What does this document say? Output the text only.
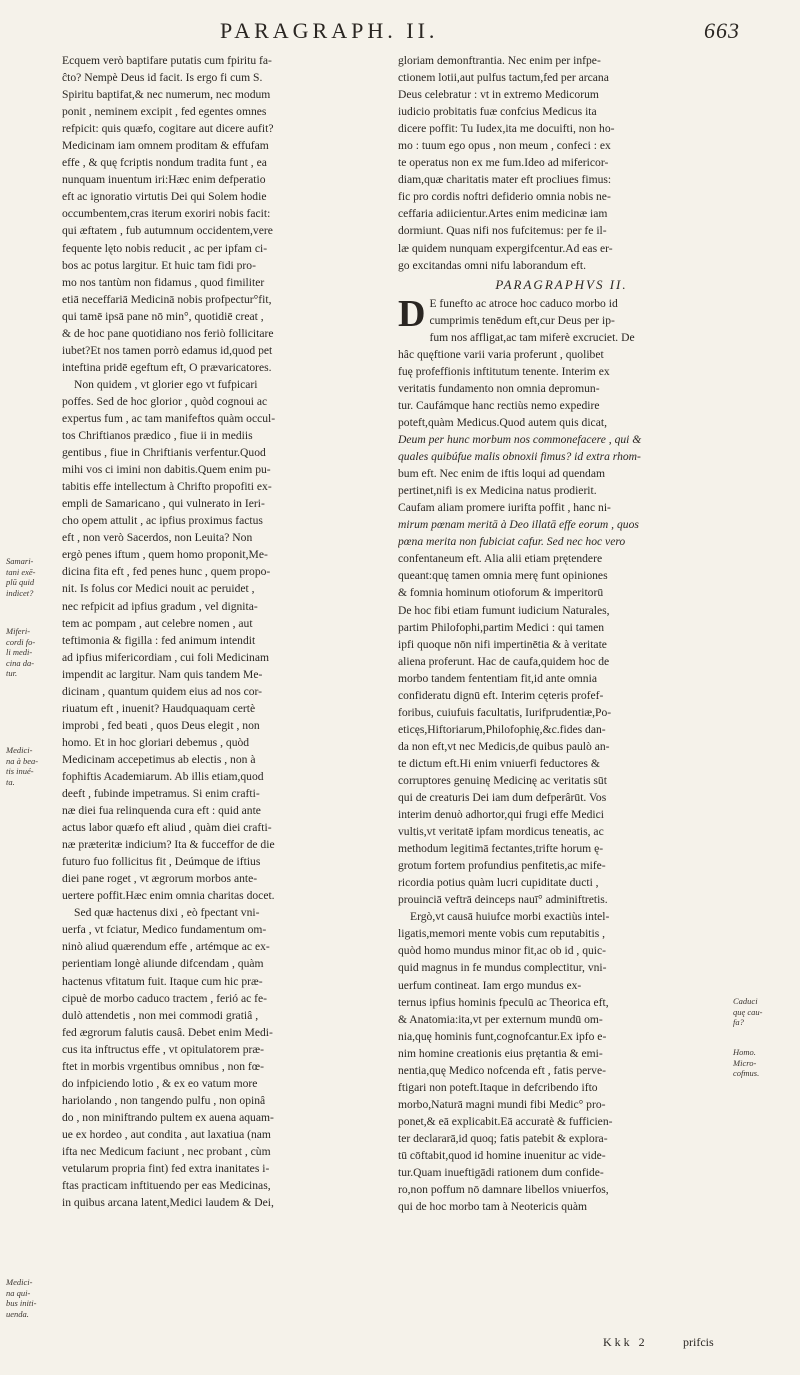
PARAGRAPH. II.	663
Ecquem verò baptifare putatis cum fpiritu fa-
ĉto? Nempè Deus id facit. Is ergo fi cum S.
Spiritu baptifat,& nec numerum, nec modum
ponit , neminem excipit , fed egentes omnes
refpicit: quis quæfo, cogitare aut dicere aufit?
Medicinam iam omnem proditam & effufam
effe , & quę fcriptis nondum tradita funt , ea
nunquam inuentum iri:Hæc enim defperatio
eft ac ignoratio virtutis Dei qui Solem hodie
occumbentem,cras iterum exoriri nobis facit:
qui æftatem , fub autumnum occidentem,vere
fequente lęto nobis reducit , ac per ipfam ci-
bos ac potus largitur. Et huic tam fidi pro-
mo nos tantùm non fidamus , quod fimiliter
etiā neceffariā Medicinā nobis profpectur°fit,
qui tamē ipsā pane nō min°, quotidiē creat ,
& de hoc pane quotidiano nos feriò follicitare
iubet?Et nos tamen porrò edamus id,quod pet
inteftina pridē egeftum eft, O prævaricatores.
Non quidem , vt glorier ego vt fufpicari
poffes. Sed de hoc glorior , quòd cognoui ac
expertus fum , ac tam manifeftos quàm occul-
tos Chriftianos prædico , fiue ii in mediis
gentibus , fiue in Chriftianis verfentur.Quod
mihi vos ci imini non dabitis.Quem enim pu-
tabitis effe intellectum à Chrifto propofiti ex-
empli de Samaricano , qui vulnerato in Ieri-
cho opem attulit , ac ipfius proximus factus
eft , non verò Sacerdos, non Leuita? Non
ergò penes iftum , quem homo proponit,Me-
dicina fita eft , fed penes hunc , quem propo-
nit. Is folus cor Medici nouit ac peruidet ,
nec refpicit ad ipfius gradum , vel dignita-
tem ac pompam , aut celebre nomen , aut
teftimonia & figilla : fed animum intendit
ad ipfius mifericordiam , cui foli Medicinam
impendit ac largitur. Nam quis tandem Me-
dicinam , quantum quidem eius ad nos cor-
riuatum eft , inuenit? Haudquaquam certè
improbi , fed beati , quos Deus elegit , non
homo. Et in hoc gloriari debemus , quòd
Medicinam accepetimus ab electis , non à
fophiftis Academiarum. Ab illis etiam,quod
deeft , fubinde impetramus. Si enim crafti-
næ diei fua relinquenda cura eft : quid ante
actus labor quæfo eft aliud , quàm diei crafti-
næ præteritæ indicium? Ita & fucceffor de die
futuro fuo follicitus fit , Deúmque de iftius
diei pane roget , vt ægrorum morbos ante-
uertere poffit.Hæc enim omnia charitas docet.
Sed quæ hactenus dixi , eò fpectant vni-
uerfa , vt fciatur, Medico fundamentum om-
ninò aliud quærendum effe , artémque ac ex-
perientiam longè aliunde difcendam , quàm
hactenus vfitatum fuit. Itaque cum hic præ-
cipuè de morbo caduco tractem , ferió ac fe-
dulò attendetis , non mei commodi gratiâ ,
fed ægrorum falutis causâ. Debet enim Medi-
cus ita inftructus effe , vt opitulatorem præ-
ftet in morbis vrgentibus omnibus , non fœ-
do infpiciendo lotio , & ex eo vatum more
hariolando , non tangendo pulfu , non opinâ
do , non miniftrando pultem ex auena aquam-
ue ex hordeo , aut condita , aut laxatiua (nam
ifta nec Medicum faciunt , nec probant , cùm
vetularum propria fint) fed extra inanitates i-
ftas practicam inftituendo per eas Medicinas,
in quibus arcana latent,Medici laudem & Dei,
gloriam demonftrantia. Nec enim per infpe-
ctionem lotii,aut pulfus tactum,fed per arcana
Deus celebratur : vt in extremo Medicorum
iudicio probitatis fuæ confcius Medicus ita
dicere poffit: Tu Iudex,ita me docuifti, non ho-
mo : tuum ego opus , non meum , confeci : ex
te operatus non ex me fum.Ideo ad mifericor-
diam,quæ charitatis mater eft procliues fimus:
fic pro cordis noftri defiderio omnia nobis ne-
ceffaria adiicientur.Artes enim medicinæ iam
dormiunt. Quas nifi nos fufcitemus: per fe il-
læ quidem nunquam expergifcentur.Ad eas er-
go excitandas omni nifu laborandum eft.
PARAGRAPHVS II.
D E funefto ac atroce hoc caduco morbo id
cumprimis tenēdum eft,cur Deus per ip-
fum nos affligat,ac tam miferè excruciet. De
hâc quęftione varii varia proferunt , quolibet
fuę profeffionis inftitutum tenente. Interim ex
veritatis fundamento non omnia depromun-
tur. Caufámque hanc rectiùs nemo expedire
poteft,quàm Medicus.Quod autem quis dicat,
Deum per hunc morbum nos commonefacere , qui &
quales quibúfue malis obnoxii fimus? id extra rhom-
bum eft. Nec enim de iftis loqui ad quendam
pertinet,nifi is ex Medicina natus prodierit.
Caufam aliam promere iurifta poffit , hanc ni-
mirum pœnam meritā à Deo illatā effe eorum , quos
pœna merita non fubiciat cafur. Sed nec hoc vero
confentaneum eft. Alia alii etiam prętendere
queant:quę tamen omnia merę funt opiniones
& fomnia hominum otioforum & imperitorū
De hoc fibi etiam fumunt iudicium Naturales,
partim Philofophi,partim Medici : qui tamen
ipfi quoque nōn nifi impertinētia & à veritate
aliena proferunt. Hac de caufa,quidem hoc de
morbo tandem fententiam fit,id ante omnia
confideratu dignū eft. Interim cęteris profef-
foribus, cuiufuis facultatis, Iurifprudentiæ,Po-
eticęs,Hiftoriarum,Philofophię,&c.fides dan-
da non eft,vt nec Medicis,de quibus paulò an-
te dictum eft.Hi enim vniuerfi feductores &
corruptores genuinę Medicinę ac veritatis sūt
qui de creaturis Dei iam dum defperârūt. Vos
interim denuò adhortor,qui frugi effe Medici
vultis,vt veritatē ipfam mordicus teneatis, ac
methodum legitimā fectantes,trifte horum ę-
grotum fortem profundius penfitetis,ac mife-
ricordia potius quàm lucri cupiditate ducti ,
prouinciā veftrā deinceps nauī° adminiftretis.
Ergò,vt causā huiufce morbi exactiùs intel-
ligatis,memori mente vobis cum reputabitis ,
quòd homo mundus minor fit,ac ob id , quic-
quid magnus in fe mundus complectitur, vni-
uerfum contineat. Iam ergo mundus ex-
ternus ipfius hominis fpeculū ac Theorica eft,
& Anatomia:ita,vt per externum mundū om-
nia,quę hominis funt,cognofcantur.Ex ipfo e-
nim homine creationis eius prętantia & emi-
nentia,quę Medico nofcenda eft , fatis perve-
ftigari non poteft.Itaque in defcribendo ifto
morbo,Naturā magni mundi fibi Medic° pro-
ponet,& eā explicabit.Eā accuratè & fufficien-
ter declararā,id quoq; fatis patebit & explora-
tū cōftabit,quod id homine inuenitur ac vide-
tur.Quam inueftigādi rationem dum confide-
ro,non poffum nō damnare libellos vniuerfos,
qui de hoc morbo tam à Neotericis quàm
Samari-
tani exē-
plū quid
indicet?
Miferi-
cordi fo-
li medi-
cina da-
tur.
Medici-
na à bea-
tis inué-
ta.
Medici-
na qui-
bus initi-
uenda.
Caduci
quę cau-
fa?
Homo.
Micro-
cofmus.
Kkk 2	prifcis
